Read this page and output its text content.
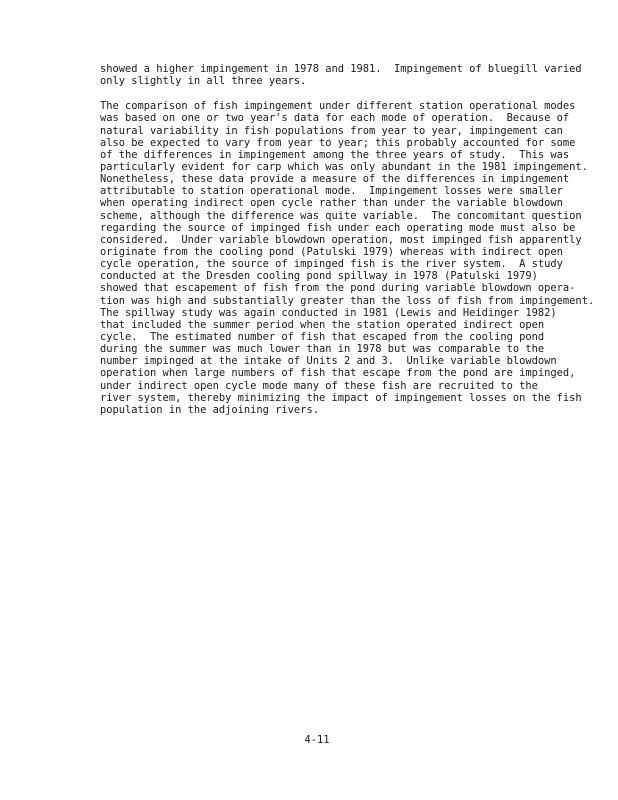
showed a higher impingement in 1978 and 1981.  Impingement of bluegill varied
only slightly in all three years.
The comparison of fish impingement under different station operational modes
was based on one or two year's data for each mode of operation.  Because of
natural variability in fish populations from year to year, impingement can
also be expected to vary from year to year; this probably accounted for some
of the differences in impingement among the three years of study.  This was
particularly evident for carp which was only abundant in the 1981 impingement.
Nonetheless, these data provide a measure of the differences in impingement
attributable to station operational mode.  Impingement losses were smaller
when operating indirect open cycle rather than under the variable blowdown
scheme, although the difference was quite variable.  The concomitant question
regarding the source of impinged fish under each operating mode must also be
considered.  Under variable blowdown operation, most impinged fish apparently
originate from the cooling pond (Patulski 1979) whereas with indirect open
cycle operation, the source of impinged fish is the river system.  A study
conducted at the Dresden cooling pond spillway in 1978 (Patulski 1979)
showed that escapement of fish from the pond during variable blowdown opera-
tion was high and substantially greater than the loss of fish from impingement.
The spillway study was again conducted in 1981 (Lewis and Heidinger 1982)
that included the summer period when the station operated indirect open
cycle.  The estimated number of fish that escaped from the cooling pond
during the summer was much lower than in 1978 but was comparable to the
number impinged at the intake of Units 2 and 3.  Unlike variable blowdown
operation when large numbers of fish that escape from the pond are impinged,
under indirect open cycle mode many of these fish are recruited to the
river system, thereby minimizing the impact of impingement losses on the fish
population in the adjoining rivers.
4-11
